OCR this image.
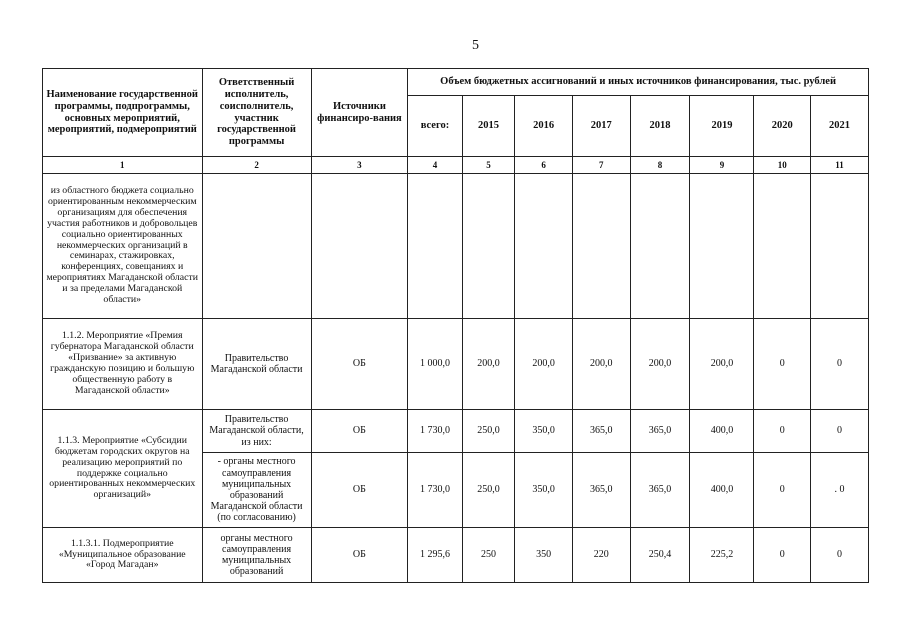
5
Наименование государственной программы, подпрограммы, основных мероприятий, мероприятий, подмероприятий	Ответственный исполнитель, соисполнитель, участник государственной программы	Источники финансиро-вания	Объем бюджетных ассигнований и иных источников финансирования, тыс. рублей							
			всего:	2015	2016	2017	2018	2019	2020	2021
1	2	3	4	5	6	7	8	9	10	11
из областного бюджета социально ориентированным некоммерческим организациям для обеспечения участия работников и добровольцев социально ориентированных некоммерческих организаций в семинарах, стажировках, конференциях, совещаниях и мероприятиях Магаданской области и за пределами Магаданской области»										
1.1.2. Мероприятие «Премия губернатора Магаданской области «Призвание» за активную гражданскую позицию и большую общественную работу в Магаданской области»	Правительство Магаданской области	ОБ	1 000,0	200,0	200,0	200,0	200,0	200,0	0	0
1.1.3. Мероприятие «Субсидии бюджетам городских округов на реализацию мероприятий по поддержке социально ориентированных некоммерческих организаций»	Правительство Магаданской области, из них:	ОБ	1 730,0	250,0	350,0	365,0	365,0	400,0	0	0
	- органы местного самоуправления муниципальных образований Магаданской области (по согласованию)	ОБ	1 730,0	250,0	350,0	365,0	365,0	400,0	0	. 0
1.1.3.1. Подмероприятие «Муниципальное образование «Город Магадан»	органы местного самоуправления муниципальных образований	ОБ	1 295,6	250	350	220	250,4	225,2	0	0
